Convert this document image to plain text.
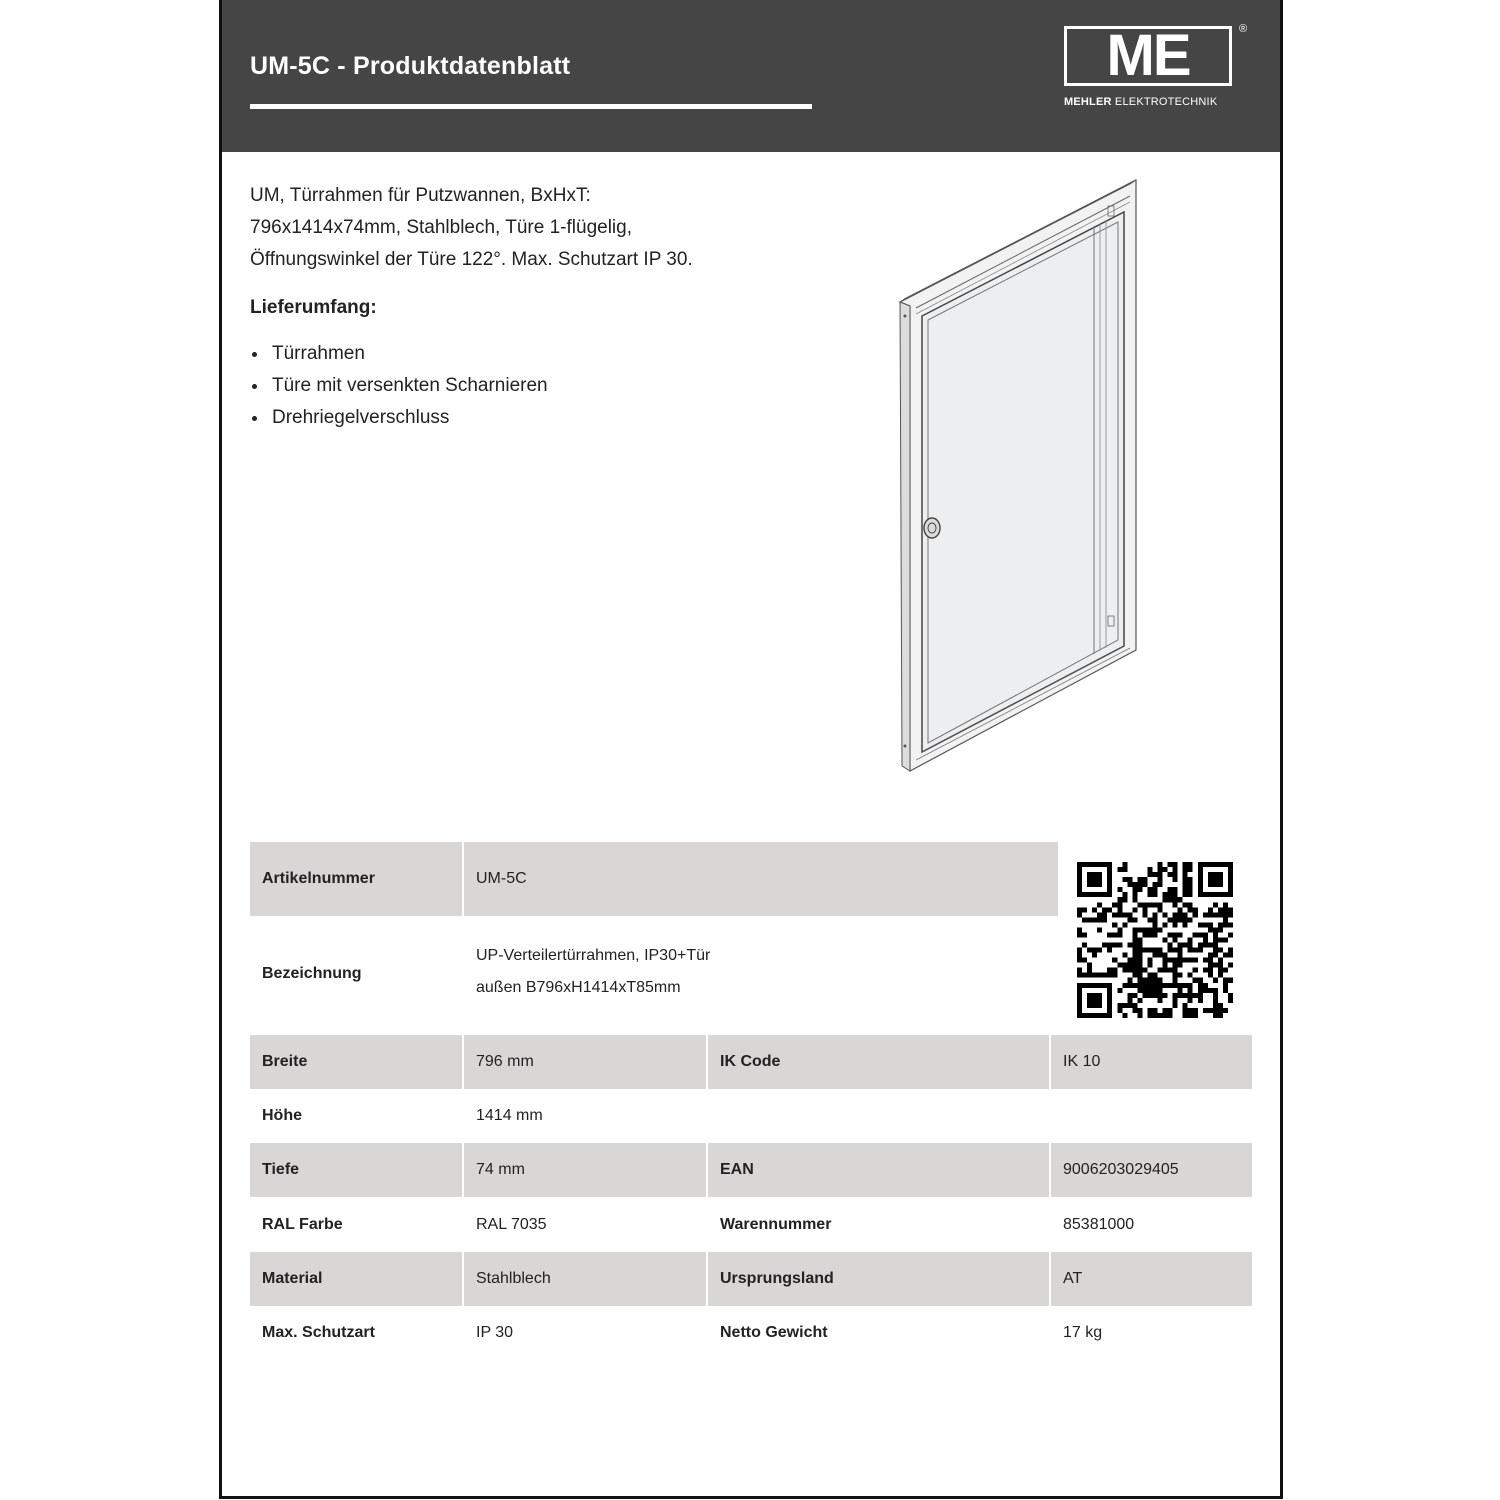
UM-5C - Produktdatenblatt	ME	®
MEHLER ELEKTROTECHNIK
UM, Türrahmen für Putzwannen, BxHxT:
796x1414x74mm, Stahlblech, Türe 1-flügelig,
Öffnungswinkel der Türe 122°. Max. Schutzart IP 30.
Lieferumfang:
Türrahmen
Türe mit versenkten Scharnieren
Drehriegelverschluss
Artikelnummer	UM-5C
Bezeichnung
UP-Verteilertürrahmen, IP30+Tür
außen B796xH1414xT85mm
Breite	796 mm	IK Code	IK 10
Höhe	1414 mm
Tiefe	74 mm	EAN	9006203029405
RAL Farbe	RAL 7035	Warennummer	85381000
Material	Stahlblech	Ursprungsland	AT
Max. Schutzart	IP 30	Netto Gewicht	17 kg
